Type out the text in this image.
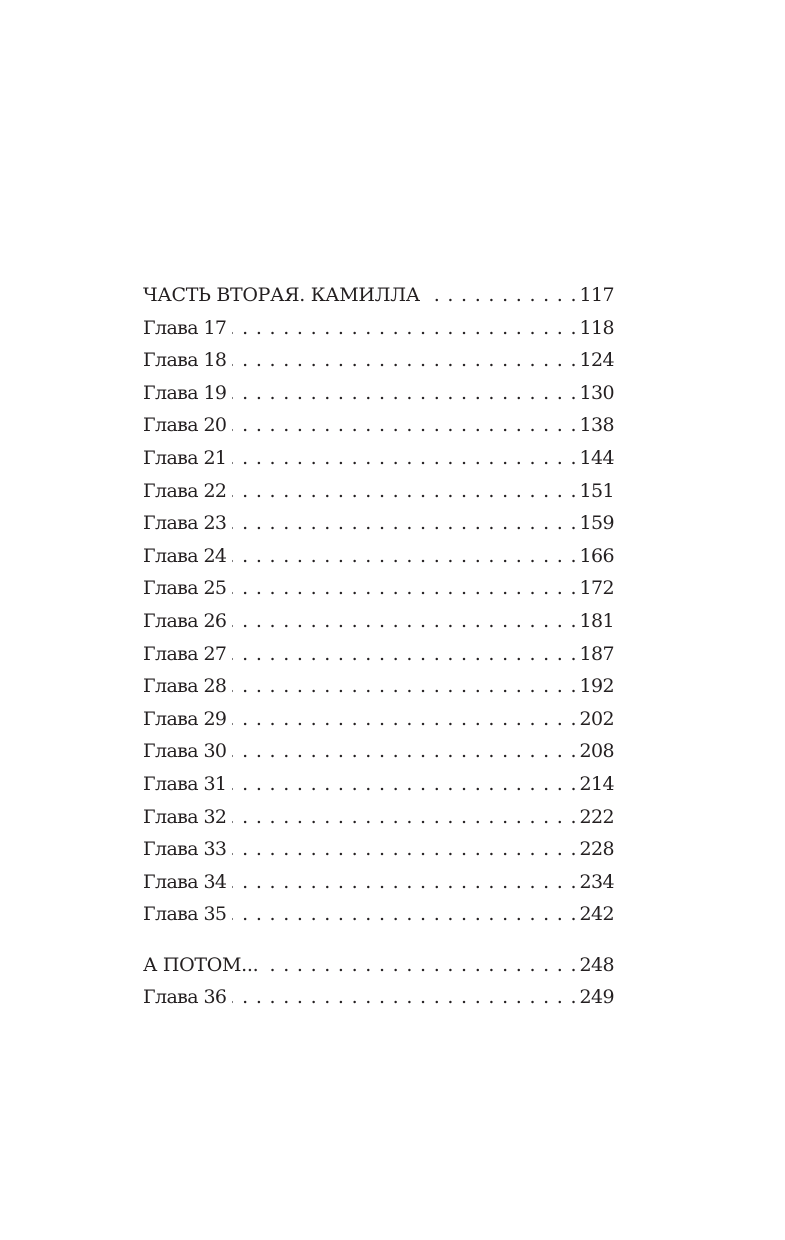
ЧАСТЬ ВТОРАЯ. КАМИЛЛА . . .	117
Глава 17 . . .	118
Глава 18 . . .	124
Глава 19 . . .	130
Глава 20 . . .	138
Глава 21 . . .	144
Глава 22 . . .	151
Глава 23 . . .	159
Глава 24 . . .	166
Глава 25 . . .	172
Глава 26 . . .	181
Глава 27 . . .	187
Глава 28 . . .	192
Глава 29 . . .	202
Глава 30 . . .	208
Глава 31 . . .	214
Глава 32 . . .	222
Глава 33 . . .	228
Глава 34 . . .	234
Глава 35 . . .	242
А ПОТОМ... . . .	248
Глава 36 . . .	249
